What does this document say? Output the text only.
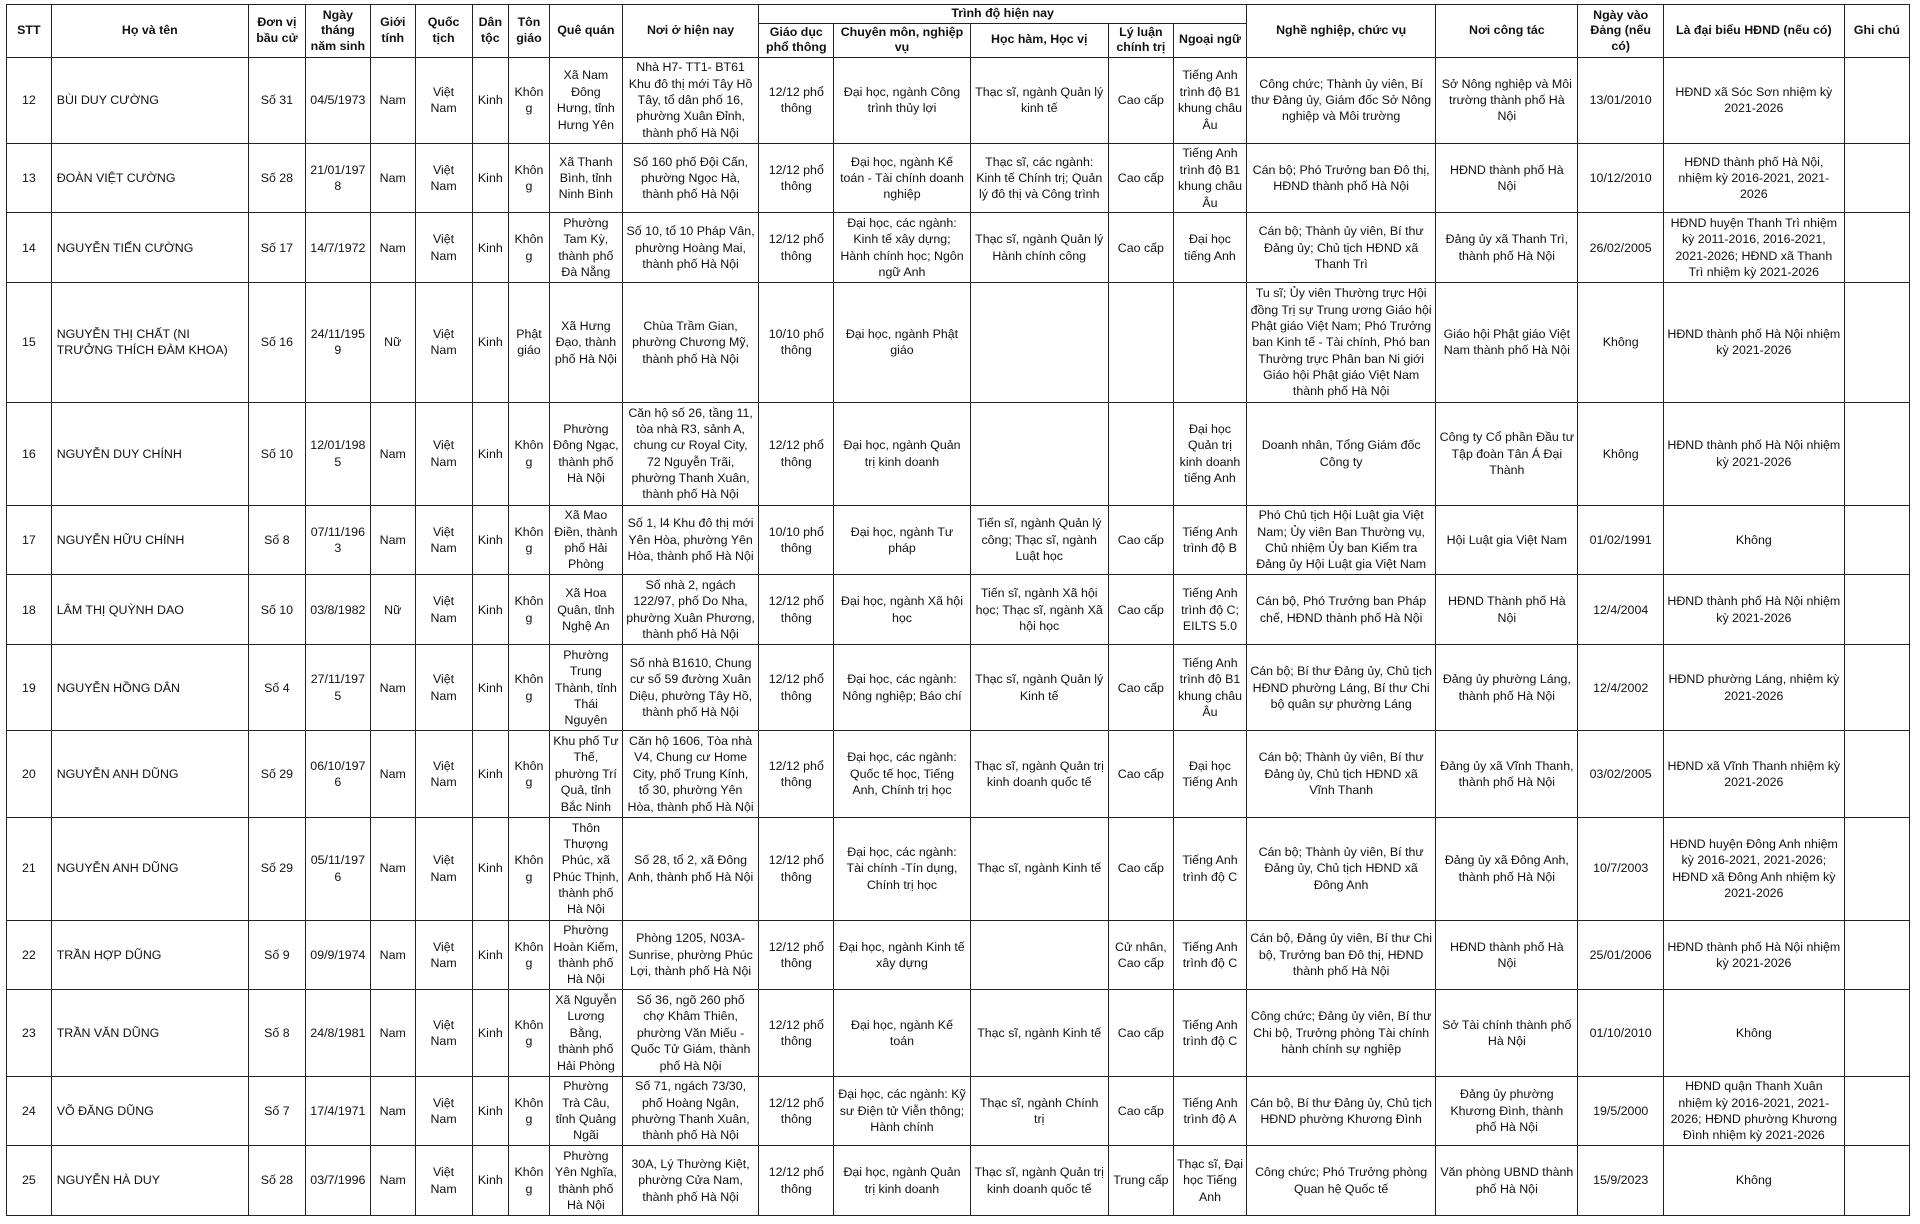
STT	Họ và tên	Đơn vị bầu cử	Ngày tháng năm sinh	Giới tính	Quốc tịch	Dân tộc	Tôn giáo	Quê quán	Nơi ở hiện nay	Trình độ hiện nay					Nghề nghiệp, chức vụ	Nơi công tác	Ngày vào Đảng (nếu có)	Là đại biểu HĐND (nếu có)	Ghi chú
										Giáo dục phổ thông	Chuyên môn, nghiệp vụ	Học hàm, Học vị	Lý luận chính trị	Ngoại ngữ					
12	BÙI DUY CƯỜNG	Số 31	04/5/1973	Nam	Việt Nam	Kinh	Không	Xã Nam Đông Hưng, tỉnh Hưng Yên	Nhà H7- TT1- BT61 Khu đô thị mới Tây Hồ Tây, tổ dân phố 16, phường Xuân Đỉnh, thành phố Hà Nội	12/12 phổ thông	Đại học, ngành Công trình thủy lợi	Thạc sĩ, ngành Quản lý kinh tế	Cao cấp	Tiếng Anh trình độ B1 khung châu Âu	Công chức; Thành ủy viên, Bí thư Đảng ủy, Giám đốc Sở Nông nghiệp và Môi trường	Sở Nông nghiệp và Môi trường thành phố Hà Nội	13/01/2010	HĐND xã Sóc Sơn nhiệm kỳ 2021-2026	
13	ĐOÀN VIỆT CƯỜNG	Số 28	21/01/1978	Nam	Việt Nam	Kinh	Không	Xã Thanh Bình, tỉnh Ninh Bình	Số 160 phố Đội Cấn, phường Ngọc Hà, thành phố Hà Nội	12/12 phổ thông	Đại học, ngành Kế toán - Tài chính doanh nghiệp	Thạc sĩ, các ngành: Kinh tế Chính trị; Quản lý đô thị và Công trình	Cao cấp	Tiếng Anh trình độ B1 khung châu Âu	Cán bộ; Phó Trưởng ban Đô thị, HĐND thành phố Hà Nội	HĐND thành phố Hà Nội	10/12/2010	HĐND thành phố Hà Nội, nhiệm kỳ 2016-2021, 2021-2026	
14	NGUYỄN TIẾN CƯỜNG	Số 17	14/7/1972	Nam	Việt Nam	Kinh	Không	Phường Tam Kỳ, thành phố Đà Nẵng	Số 10, tổ 10 Pháp Vân, phường Hoàng Mai, thành phố Hà Nội	12/12 phổ thông	Đại học, các ngành: Kinh tế xây dựng; Hành chính học; Ngôn ngữ Anh	Thạc sĩ, ngành Quản lý Hành chính công	Cao cấp	Đại học tiếng Anh	Cán bộ; Thành ủy viên, Bí thư Đảng ủy; Chủ tịch HĐND xã Thanh Trì	Đảng ủy xã Thanh Trì, thành phố Hà Nội	26/02/2005	HĐND huyện Thanh Trì nhiệm kỳ 2011-2016, 2016-2021, 2021-2026; HĐND xã Thanh Trì nhiệm kỳ 2021-2026	
15	NGUYỄN THỊ CHẤT (NI TRƯỞNG THÍCH ĐÀM KHOA)	Số 16	24/11/1959	Nữ	Việt Nam	Kinh	Phật giáo	Xã Hưng Đạo, thành phố Hà Nội	Chùa Trầm Gian, phường Chương Mỹ, thành phố Hà Nội	10/10 phổ thông	Đại học, ngành Phật giáo				Tu sĩ; Ủy viên Thường trực Hội đồng Trị sự Trung ương Giáo hội Phật giáo Việt Nam; Phó Trưởng ban Kinh tế - Tài chính, Phó ban Thường trực Phân ban Ni giới Giáo hội Phật giáo Việt Nam thành phố Hà Nội	Giáo hội Phật giáo Việt Nam thành phố Hà Nội	Không	HĐND thành phố Hà Nội nhiệm kỳ 2021-2026	
16	NGUYỄN DUY CHÍNH	Số 10	12/01/1985	Nam	Việt Nam	Kinh	Không	Phường Đông Ngạc, thành phố Hà Nội	Căn hộ số 26, tầng 11, tòa nhà R3, sảnh A, chung cư Royal City, 72 Nguyễn Trãi, phường Thanh Xuân, thành phố Hà Nội	12/12 phổ thông	Đại học, ngành Quản trị kinh doanh			Đại học Quản trị kinh doanh tiếng Anh	Doanh nhân, Tổng Giám đốc Công ty	Công ty Cổ phần Đầu tư Tập đoàn Tân Á Đại Thành	Không	HĐND thành phố Hà Nội nhiệm kỳ 2021-2026	
17	NGUYỄN HỮU CHÍNH	Số 8	07/11/1963	Nam	Việt Nam	Kinh	Không	Xã Mao Điền, thành phố Hải Phòng	Số 1, l4 Khu đô thị mới Yên Hòa, phường Yên Hòa, thành phố Hà Nội	10/10 phổ thông	Đại học, ngành Tư pháp	Tiến sĩ, ngành Quản lý công; Thạc sĩ, ngành Luật học	Cao cấp	Tiếng Anh trình độ B	Phó Chủ tịch Hội Luật gia Việt Nam; Ủy viên Ban Thường vụ, Chủ nhiệm Ủy ban Kiểm tra Đảng ủy Hội Luật gia Việt Nam	Hội Luật gia Việt Nam	01/02/1991	Không	
18	LÂM THỊ QUỲNH DAO	Số 10	03/8/1982	Nữ	Việt Nam	Kinh	Không	Xã Hoa Quân, tỉnh Nghệ An	Số nhà 2, ngách 122/97, phố Do Nha, phường Xuân Phương, thành phố Hà Nội	12/12 phổ thông	Đại học, ngành Xã hội học	Tiến sĩ, ngành Xã hội học; Thạc sĩ, ngành Xã hội học	Cao cấp	Tiếng Anh trình độ C; EILTS 5.0	Cán bộ, Phó Trưởng ban Pháp chế, HĐND thành phố Hà Nội	HĐND Thành phố Hà Nội	12/4/2004	HĐND thành phố Hà Nội nhiệm kỳ 2021-2026	
19	NGUYỄN HỒNG DÂN	Số 4	27/11/1975	Nam	Việt Nam	Kinh	Không	Phường Trung Thành, tỉnh Thái Nguyên	Số nhà B1610, Chung cư số 59 đường Xuân Diệu, phường Tây Hồ, thành phố Hà Nội	12/12 phổ thông	Đại học, các ngành: Nông nghiệp; Báo chí	Thạc sĩ, ngành Quản lý Kinh tế	Cao cấp	Tiếng Anh trình độ B1 khung châu Âu	Cán bộ; Bí thư Đảng ủy, Chủ tịch HĐND phường Láng, Bí thư Chi bộ quân sự phường Láng	Đảng ủy phường Láng, thành phố Hà Nội	12/4/2002	HĐND phường Láng, nhiệm kỳ 2021-2026	
20	NGUYỄN ANH DŨNG	Số 29	06/10/1976	Nam	Việt Nam	Kinh	Không	Khu phố Tư Thế, phường Trí Quả, tỉnh Bắc Ninh	Căn hộ 1606, Tòa nhà V4, Chung cư Home City, phố Trung Kính, tổ 30, phường Yên Hòa, thành phố Hà Nội	12/12 phổ thông	Đại học, các ngành: Quốc tế học, Tiếng Anh, Chính trị học	Thạc sĩ, ngành Quản trị kinh doanh quốc tế	Cao cấp	Đại học Tiếng Anh	Cán bộ; Thành ủy viên, Bí thư Đảng ủy, Chủ tịch HĐND xã Vĩnh Thanh	Đảng ủy xã Vĩnh Thanh, thành phố Hà Nội	03/02/2005	HĐND xã Vĩnh Thanh nhiệm kỳ 2021-2026	
21	NGUYỄN ANH DŨNG	Số 29	05/11/1976	Nam	Việt Nam	Kinh	Không	Thôn Thượng Phúc, xã Phúc Thịnh, thành phố Hà Nội	Số 28, tổ 2, xã Đông Anh, thành phố Hà Nội	12/12 phổ thông	Đại học, các ngành: Tài chính -Tín dụng, Chính trị học	Thạc sĩ, ngành Kinh tế	Cao cấp	Tiếng Anh trình độ C	Cán bộ; Thành ủy viên, Bí thư Đảng ủy, Chủ tịch HĐND xã Đông Anh	Đảng ủy xã Đông Anh, thành phố Hà Nội	10/7/2003	HĐND huyện Đông Anh nhiệm kỳ 2016-2021, 2021-2026; HĐND xã Đông Anh nhiệm kỳ 2021-2026	
22	TRẦN HỢP DŨNG	Số 9	09/9/1974	Nam	Việt Nam	Kinh	Không	Phường Hoàn Kiếm, thành phố Hà Nội	Phòng 1205, N03A-Sunrise, phường Phúc Lợi, thành phố Hà Nội	12/12 phổ thông	Đại học, ngành Kinh tế xây dựng		Cử nhân, Cao cấp	Tiếng Anh trình độ C	Cán bộ, Đảng ủy viên, Bí thư Chi bộ, Trưởng ban Đô thị, HĐND thành phố Hà Nội	HĐND thành phố Hà Nội	25/01/2006	HĐND thành phố Hà Nội nhiệm kỳ 2021-2026	
23	TRẦN VĂN DŨNG	Số 8	24/8/1981	Nam	Việt Nam	Kinh	Không	Xã Nguyễn Lương Bằng, thành phố Hải Phòng	Số 36, ngõ 260 phố chợ Khâm Thiên, phường Văn Miếu - Quốc Tử Giám, thành phố Hà Nội	12/12 phổ thông	Đại học, ngành Kế toán	Thạc sĩ, ngành Kinh tế	Cao cấp	Tiếng Anh trình độ C	Công chức; Đảng ủy viên, Bí thư Chi bộ, Trưởng phòng Tài chính hành chính sự nghiệp	Sở Tài chính thành phố Hà Nội	01/10/2010	Không	
24	VÕ ĐĂNG DŨNG	Số 7	17/4/1971	Nam	Việt Nam	Kinh	Không	Phường Trà Câu, tỉnh Quảng Ngãi	Số 71, ngách 73/30, phố Hoàng Ngân, phường Thanh Xuân, thành phố Hà Nội	12/12 phổ thông	Đại học, các ngành: Kỹ sư Điện tử Viễn thông; Hành chính	Thạc sĩ, ngành Chính trị	Cao cấp	Tiếng Anh trình độ A	Cán bộ, Bí thư Đảng ủy, Chủ tịch HĐND phường Khương Đình	Đảng ủy phường Khương Đình, thành phố Hà Nội	19/5/2000	HĐND quận Thanh Xuân nhiệm kỳ 2016-2021, 2021-2026; HĐND phường Khương Đình nhiệm kỳ 2021-2026	
25	NGUYỄN HÀ DUY	Số 28	03/7/1996	Nam	Việt Nam	Kinh	Không	Phường Yên Nghĩa, thành phố Hà Nội	30A, Lý Thường Kiệt, phường Cửa Nam, thành phố Hà Nội	12/12 phổ thông	Đại học, ngành Quản trị kinh doanh	Thạc sĩ, ngành Quản trị kinh doanh quốc tế	Trung cấp	Thạc sĩ, Đại học Tiếng Anh	Công chức; Phó Trưởng phòng Quan hệ Quốc tế	Văn phòng UBND thành phố Hà Nội	15/9/2023	Không	
